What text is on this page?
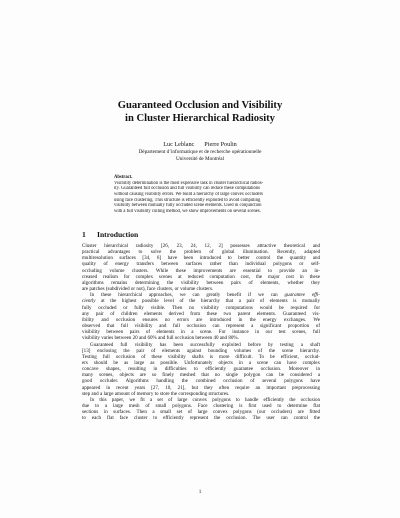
Guaranteed Occlusion and Visibility
in Cluster Hierarchical Radiosity
Luc Leblanc Pierre Poulin
Département d’informatique et de recherche opérationnelle
Université de Montréal
Abstract.
Visibility determination is the most expensive task in cluster hierarchical radios-
ity. Guaranteed full occlusion and full visibility can reduce these computations
without causing visibility errors. We build a hierarchy of large convex occluders
using face clustering. This structure is efficiently exploited to avoid computing
visibility between mutually fully occluded scene elements. Used in conjunction
with a full visibility culling method, we show improvements on several scenes.
1 Introduction
Cluster hierarchical radiosity [26, 23, 24, 12, 2] possesses attractive theoretical and
practical advantages to solve the problem of global illumination. Recently, adapted
multiresolution surfaces [34, 6] have been introduced to better control the quantity and
quality of energy transfers between surfaces rather than individual polygons or self-
occluding volume clusters. While these improvements are essential to provide an in-
creased realism for complex scenes at reduced computation cost, the major cost in these
algorithms remains determining the visibility between pairs of elements, whether they
are patches (subdivided or not), face clusters, or volume clusters.
In these hierarchical approaches, we can greatly benefit if we can guarantee effi-
ciently at the highest possible level of the hierarchy that a pair of elements is mutually
fully occluded or fully visible. Then no visibility computations would be required for
any pair of children elements derived from these two parent elements. Guaranteed vis-
ibility and occlusion ensures no errors are introduced in the energy exchanges. We
observed that full visibility and full occlusion can represent a significant proportion of
visibility between pairs of elements in a scene. For instance in our test scenes, full
visibility varies between 20 and 60% and full occlusion between 40 and 80%.
Guaranteed full visibility has been successfully exploited before by testing a shaft
[13] enclosing the pair of elements against bounding volumes of the scene hierarchy.
Testing full occlusion of these visibility shafts is more difficult. To be efficient, occlud-
ers should be as large as possible. Unfortunately objects in a scene can have complex
concave shapes, resulting in difficulties to efficiently guarantee occlusion. Moreover in
many scenes, objects are so finely meshed that no single polygon can be considered a
good occluder. Algorithms handling the combined occlusion of several polygons have
appeared in recent years [27, 10, 21], but they often require an important preprocessing
step and a large amount of memory to store the corresponding structures.
In this paper, we fit a set of large convex polygons to handle efficiently the occlusion
due to a large mesh of small polygons. Face clustering is first used to determine flat
sections in surfaces. Then a small set of large convex polygons (our occluders) are fitted
to each flat face cluster to efficiently represent the occlusion. The user can control the
1
